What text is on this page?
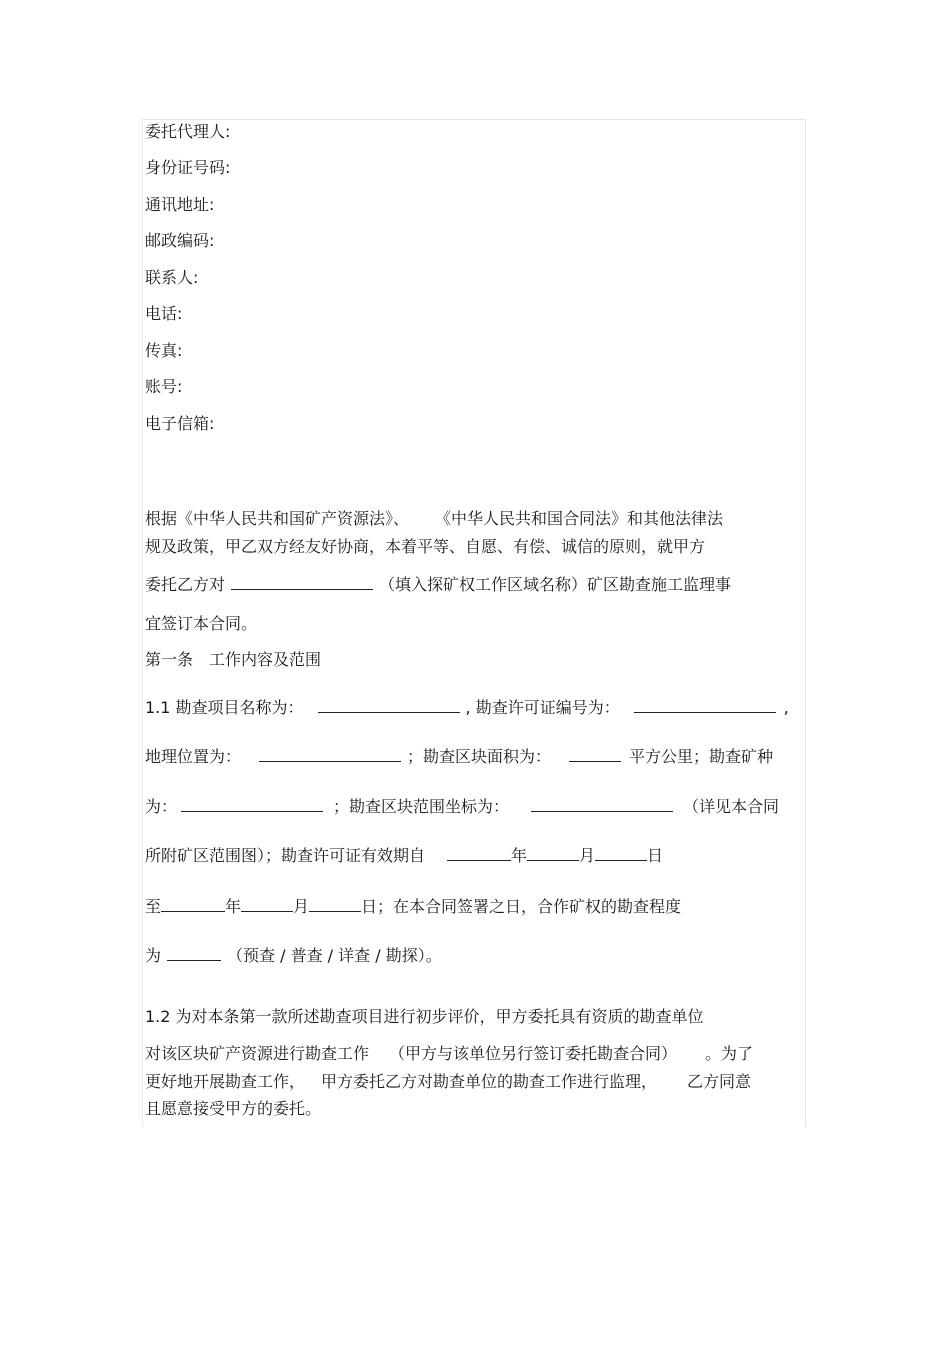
委托代理人:
身份证号码:
通讯地址:
邮政编码:
联系人:
电话:
传真:
账号:
电子信箱:
根据《中华人民共和国矿产资源法》、 《中华人民共和国合同法》和其他法律法
规及政策，甲乙双方经友好协商，本着平等、自愿、有偿、诚信的原则，就甲方
委托乙方对	（填入探矿权工作区域名称）矿区勘查施工监理事
宜签订本合同。
第一条　工作内容及范围
1.1 勘查项目名称为：	, 勘查许可证编号为：	,
地理位置为：	；勘查区块面积为：	平方公里；勘查矿种
为：	；勘查区块范围坐标为：	（详见本合同
所附矿区范围图）；勘查许可证有效期自	年	月	日
至	年	月	日；在本合同签署之日，合作矿权的勘查程度
为	（预查 / 普查 / 详查 / 勘探）。
1.2 为对本条第一款所述勘查项目进行初步评价，甲方委托具有资质的勘查单位
对该区块矿产资源进行勘查工作 （甲方与该单位另行签订委托勘查合同） 。为了
更好地开展勘查工作， 甲方委托乙方对勘查单位的勘查工作进行监理， 乙方同意
且愿意接受甲方的委托。
